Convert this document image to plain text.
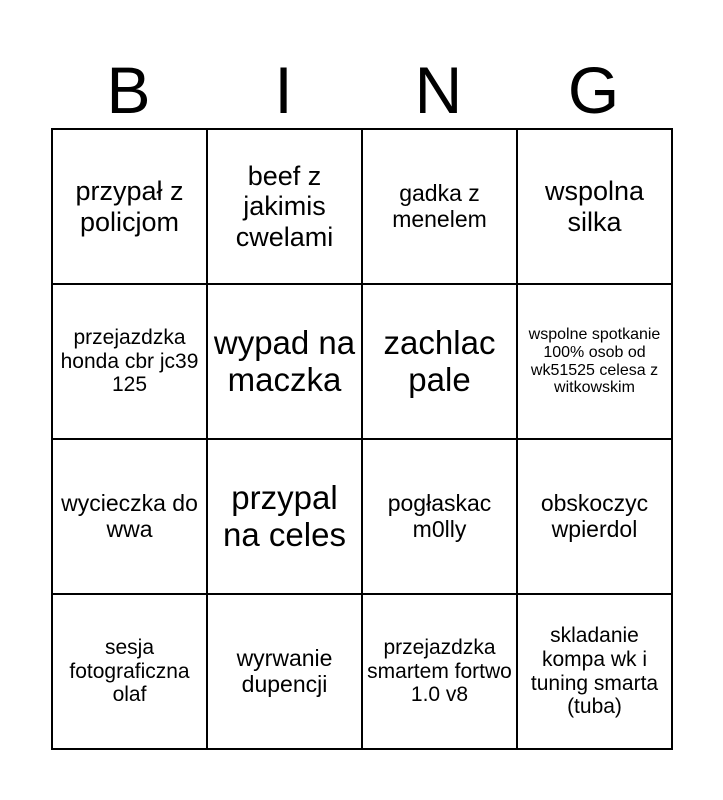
B	I	N	G
przypał z policjom	beef z jakimis cwelami	gadka z menelem	wspolna silka
przejazdzka honda cbr jc39 125	wypad na maczka	zachlac pale	wspolne spotkanie 100% osob od wk51525 celesa z witkowskim
wycieczka do wwa	przypal na celes	pogłaskac m0lly	obskoczyc wpierdol
sesja fotograficzna olaf	wyrwanie dupencji	przejazdzka smartem fortwo 1.0 v8	skladanie kompa wk i tuning smarta (tuba)
